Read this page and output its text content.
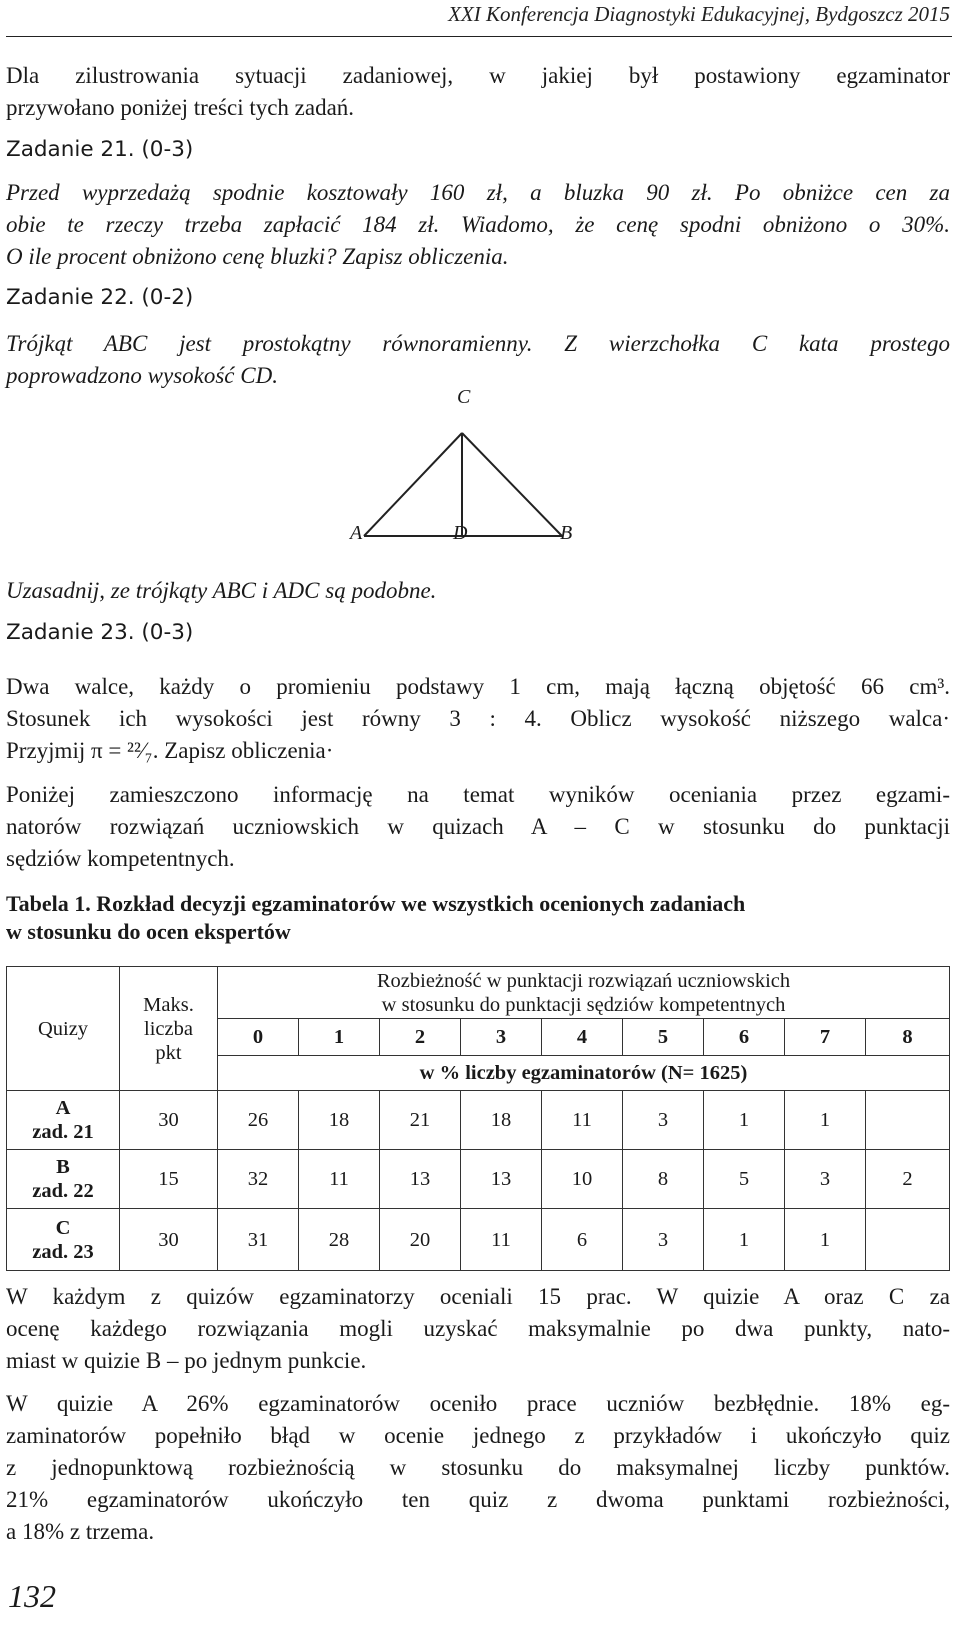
XXI Konferencja Diagnostyki Edukacyjnej, Bydgoszcz 2015
Dla zilustrowania sytuacji zadaniowej, w jakiej był postawiony egzaminator
przywołano poniżej treści tych zadań.
Zadanie 21. (0-3)
Przed wyprzedażą spodnie kosztowały 160 zł, a bluzka 90 zł. Po obniżce cen za
obie te rzeczy trzeba zapłacić 184 zł. Wiadomo, że cenę spodni obniżono o 30%.
O ile procent obniżono cenę bluzki? Zapisz obliczenia.
Zadanie 22. (0-2)
Trójkąt ABC jest prostokątny równoramienny. Z wierzchołka C kata prostego
poprowadzono wysokość CD.
C
A	D	B
Uzasadnij, ze trójkąty ABC i ADC są podobne.
Zadanie 23. (0-3)
Dwa walce, każdy o promieniu podstawy 1 cm, mają łączną objętość 66 cm³.
Stosunek ich wysokości jest równy 3 : 4. Oblicz wysokość niższego walca·
Przyjmij π = ²²⁄₇. Zapisz obliczenia·
Poniżej zamieszczono informację na temat wyników oceniania przez egzami-
natorów rozwiązań uczniowskich w quizach A – C w stosunku do punktacji
sędziów kompetentnych.
Tabela 1. Rozkład decyzji egzaminatorów we wszystkich ocenionych zadaniach
w stosunku do ocen ekspertów
Quizy	Maks.
liczba
pkt	Rozbieżność w punktacji rozwiązań uczniowskich
w stosunku do punktacji sędziów kompetentnych								

		0	1	2	3	4	5	6	7	8
		w % liczby egzaminatorów (N= 1625)								

A
zad. 21	30	26	18	21	18	11	3	1	1	

B
zad. 22	15	32	11	13	13	10	8	5	3	2

C
zad. 23	30	31	28	20	11	6	3	1	1	
W każdym z quizów egzaminatorzy oceniali 15 prac. W quizie A oraz C za
ocenę każdego rozwiązania mogli uzyskać maksymalnie po dwa punkty, nato-
miast w quizie B – po jednym punkcie.
W quizie A 26% egzaminatorów oceniło prace uczniów bezbłędnie. 18% eg-
zaminatorów popełniło błąd w ocenie jednego z przykładów i ukończyło quiz
z jednopunktową rozbieżnością w stosunku do maksymalnej liczby punktów.
21% egzaminatorów ukończyło ten quiz z dwoma punktami rozbieżności,
a 18% z trzema.
132
